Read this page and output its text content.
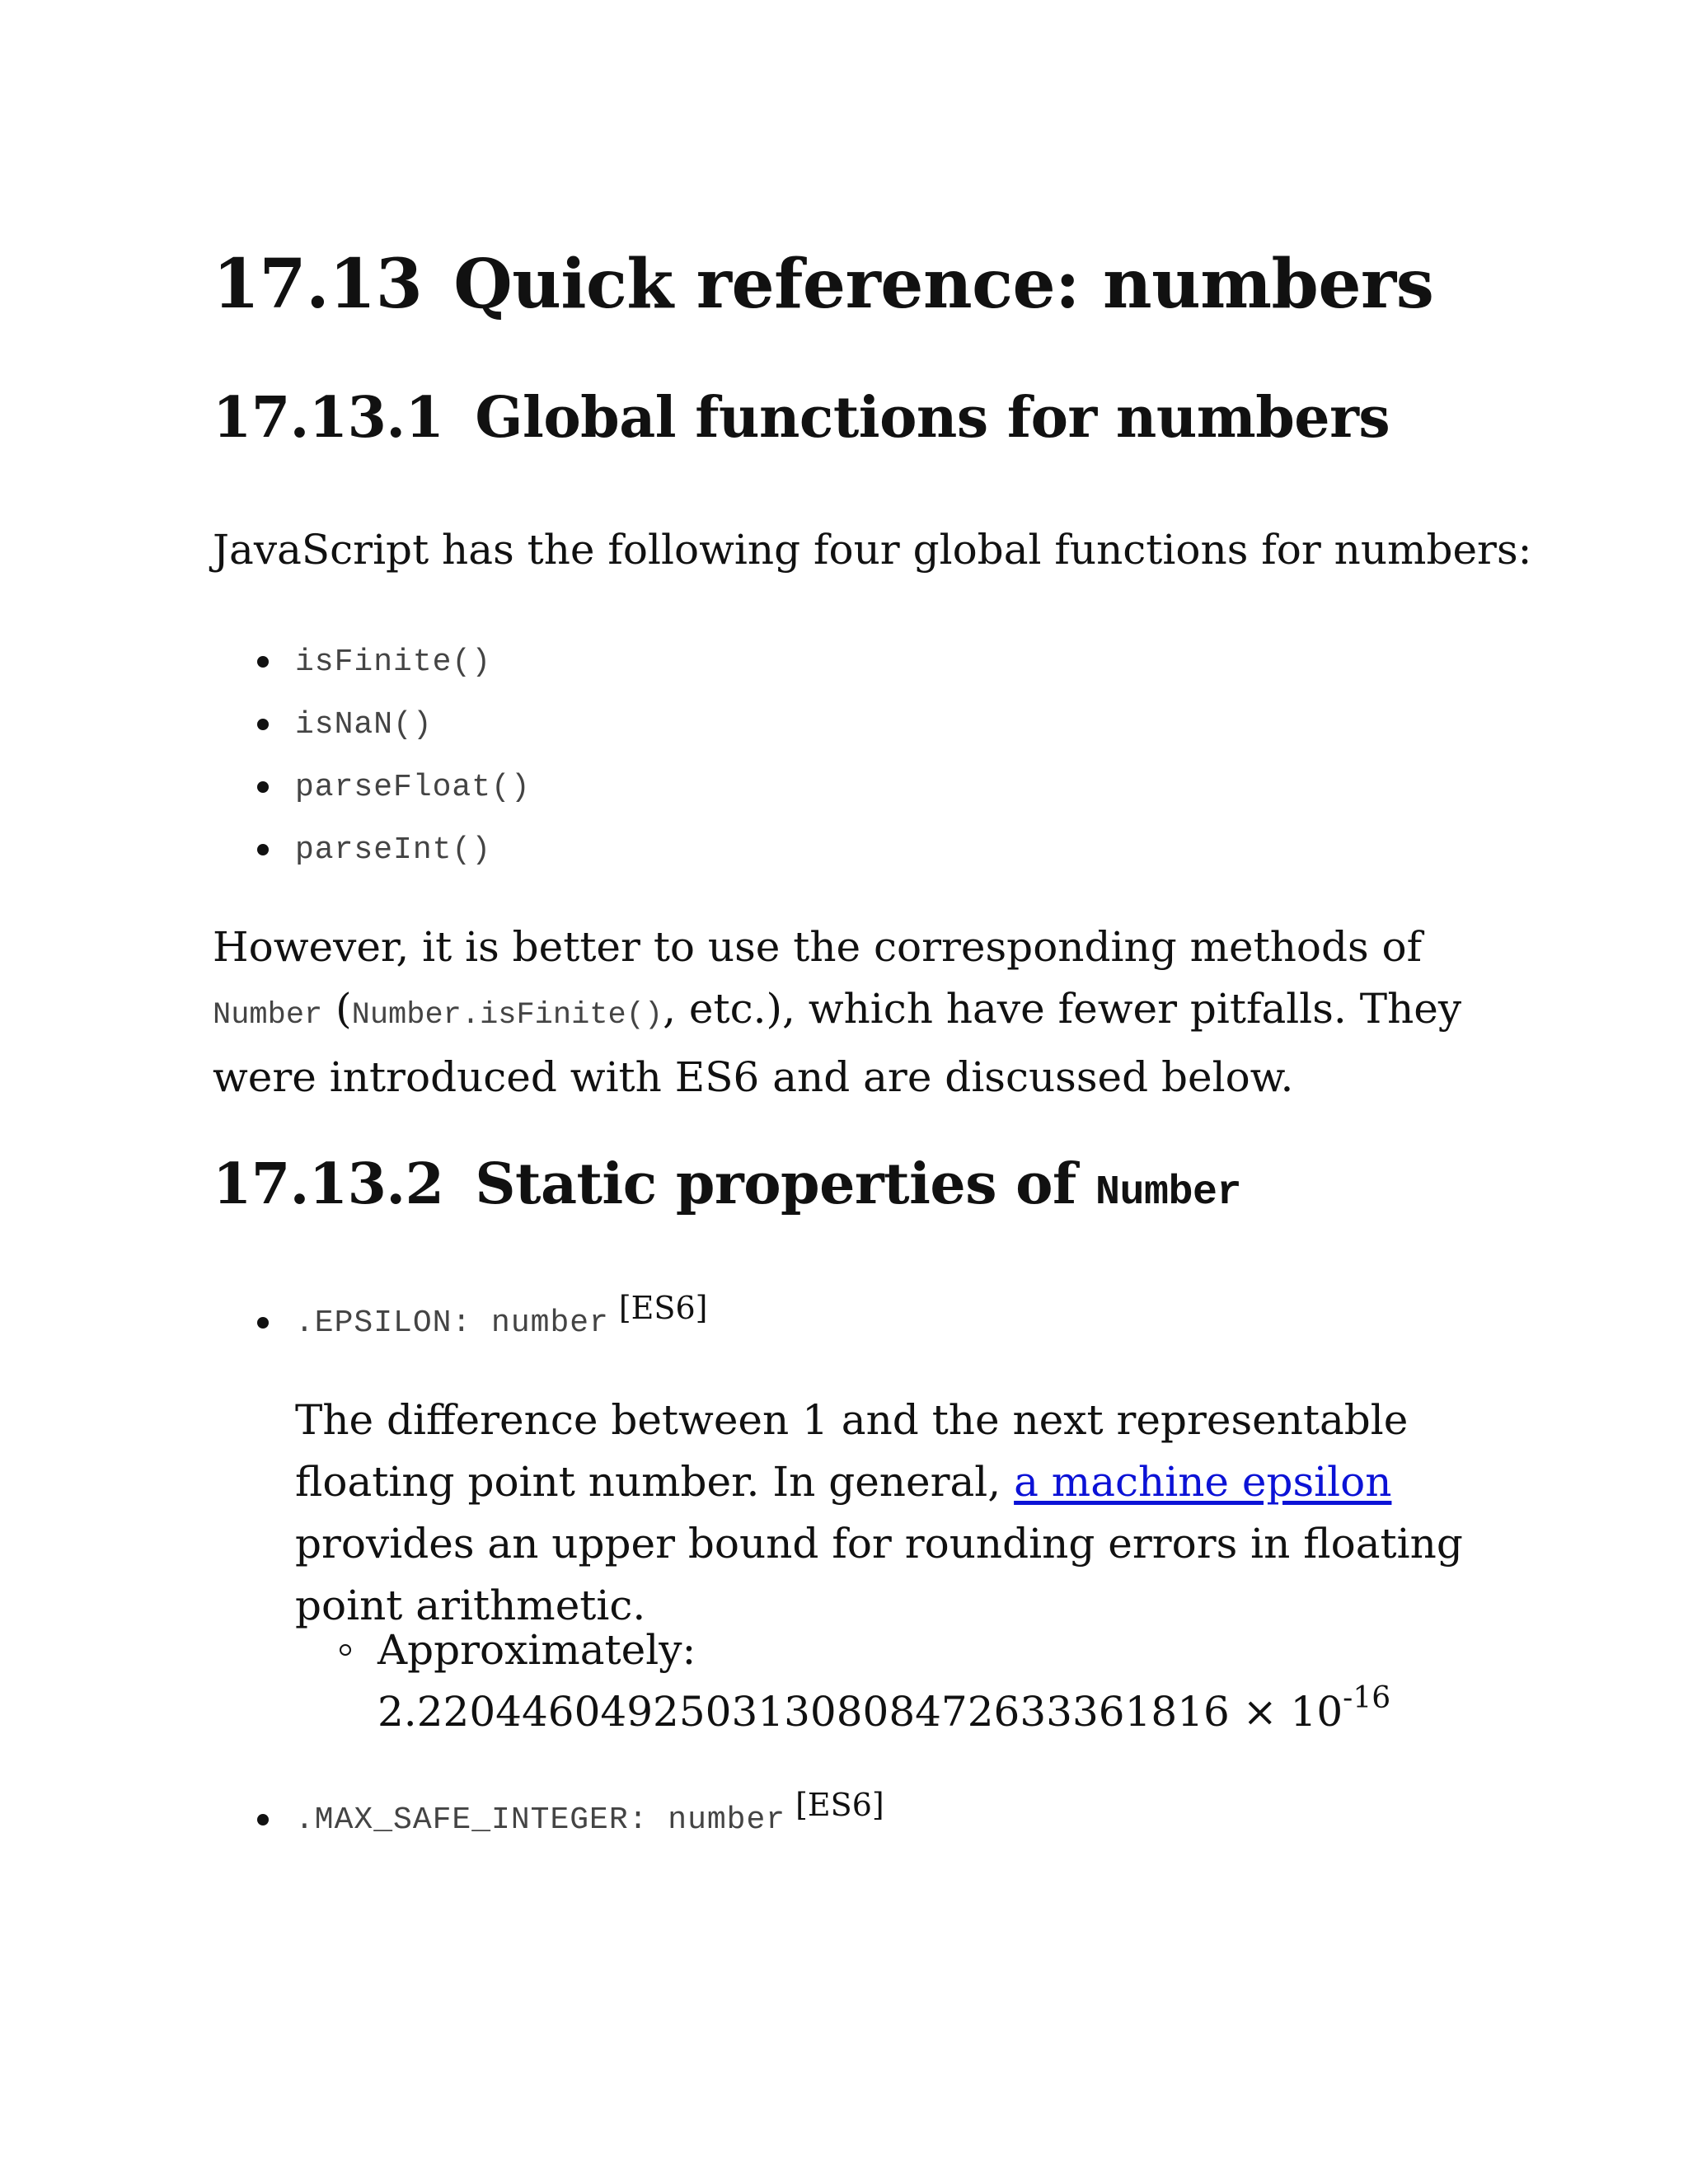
17.13 Quick reference: numbers
17.13.1 Global functions for numbers

JavaScript has the following four global functions for numbers:

isFinite()
isNaN()
parseFloat()
parseInt()

However, it is better to use the corresponding methods of Number (Number.isFinite(), etc.), which have fewer pitfalls. They were introduced with ES6 and are discussed below.

17.13.2 Static properties of Number
.EPSILON: number [ES6]

The difference between 1 and the next representable floating point number. In general, a machine epsilon provides an upper bound for rounding errors in floating point arithmetic.

Approximately: $2.2204460492503130808472633361816 \times 10^{-16}$
.MAX_SAFE_INTEGER: number [ES6]
